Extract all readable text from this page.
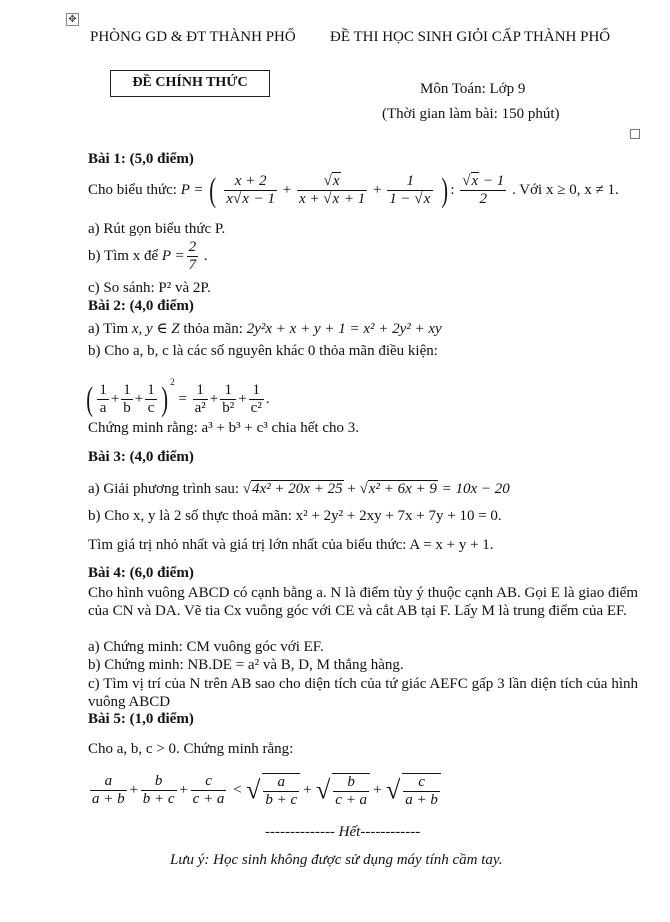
✥
PHÒNG GD & ĐT THÀNH PHỐ ĐỀ THI HỌC SINH GIỎI CẤP THÀNH PHỐ
ĐỀ CHÍNH THỨC	Môn Toán: Lớp 9
(Thời gian làm bài: 150 phút)
Bài 1: (5,0 điểm)
Cho biểu thức: P = ( $\frac{x + 2}{x√x - 1} + \frac{√x}{x + √x + 1} + \frac{1}{1 - √x}$ ) : $\frac{√x - 1}{2}$ . Với x ≥ 0, x ≠ 1.
a) Rút gọn biểu thức P.
b) Tìm x để $P = \frac{2}{7}$ .
c) So sánh: P² và 2P.
Bài 2: (4,0 điểm)
a) Tìm x, y ∈ Z thỏa mãn: 2y²x + x + y + 1 = x² + 2y² + xy
b) Cho a, b, c là các số nguyên khác 0 thỏa mãn điều kiện:
( $\frac{1}{a} + \frac{1}{b} + \frac{1}{c}$ ) $^2 = \frac{1}{\text{a²}} + \frac{1}{\text{b²}} + \frac{1}{\text{c²}}$ .
Chứng minh rằng: a³ + b³ + c³ chia hết cho 3.
Bài 3: (4,0 điểm)
a) Giải phương trình sau: √4x² + 20x + 25 + √x² + 6x + 9 = 10x − 20
b) Cho x, y là 2 số thực thoả mãn: x² + 2y² + 2xy + 7x + 7y + 10 = 0.
Tìm giá trị nhỏ nhất và giá trị lớn nhất của biểu thức: A = x + y + 1.
Bài 4: (6,0 điểm)
Cho hình vuông ABCD có cạnh bằng a. N là điểm tùy ý thuộc cạnh AB. Gọi E là giao điểm của CN và DA. Vẽ tia Cx vuông góc với CE và cắt AB tại F. Lấy M là trung điểm của EF.
a) Chứng minh: CM vuông góc với EF.
b) Chứng minh: NB.DE = a² và B, D, M thẳng hàng.
c) Tìm vị trí của N trên AB sao cho diện tích của tứ giác AEFC gấp 3 lần diện tích của hình vuông ABCD
Bài 5: (1,0 điểm)
Cho a, b, c > 0. Chứng minh rằng:
$\frac{a}{a + b} + \frac{b}{b + c} + \frac{c}{c + a}$ < √ $\frac{a}{b + c}$ + √ $\frac{b}{c + a}$ + √ $\frac{c}{a + b}$
-------------- Hết------------
Lưu ý: Học sinh không được sử dụng máy tính cầm tay.
